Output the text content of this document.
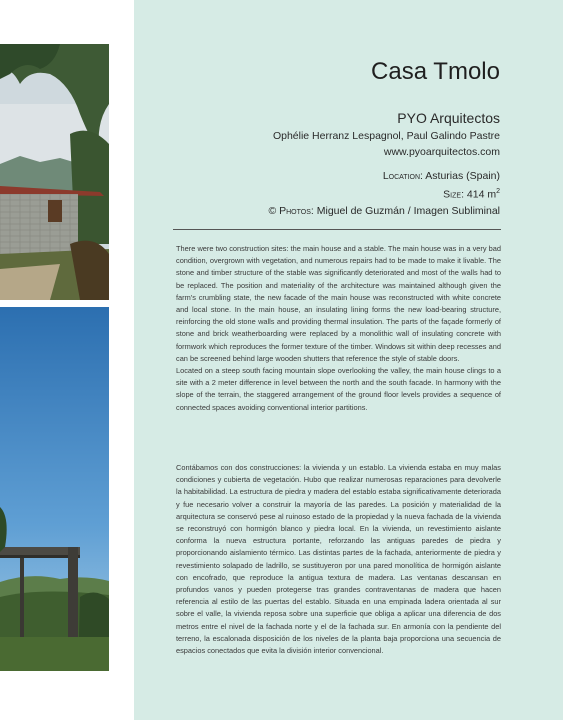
Casa Tmolo
PYO Arquitectos
Ophélie Herranz Lespagnol, Paul Galindo Pastre
www.pyoarquitectos.com
Location: Asturias (Spain)
Size: 414 $m^2$
© Photos: Miguel de Guzmán / Imagen Subliminal

There were two construction sites: the main house and a stable. The main house was in a very bad condition, overgrown with vegetation, and numerous repairs had to be made to make it livable. The stone and timber structure of the stable was significantly deteriorated and most of the walls had to be replaced. The position and materiality of the architecture was maintained although given the farm's crumbling state, the new facade of the main house was reconstructed with white concrete and local stone. In the main house, an insulating lining forms the new load-bearing structure, reinforcing the old stone walls and providing thermal insulation. The parts of the façade formerly of stone and brick weatherboarding were replaced by a monolithic wall of insulating concrete with formwork which reproduces the former texture of the timber. Windows sit within deep recesses and can be screened behind large wooden shutters that reference the style of stable doors.

Located on a steep south facing mountain slope overlooking the valley, the main house clings to a site with a 2 meter difference in level between the north and the south facade. In harmony with the slope of the terrain, the staggered arrangement of the ground floor levels provides a sequence of connected spaces avoiding conventional interior partitions.

Contábamos con dos construcciones: la vivienda y un establo. La vivienda estaba en muy malas condiciones y cubierta de vegetación. Hubo que realizar numerosas reparaciones para devolverle la habitabilidad. La estructura de piedra y madera del establo estaba significativamente deteriorada y fue necesario volver a construir la mayoría de las paredes. La posición y materialidad de la arquitectura se conservó pese al ruinoso estado de la propiedad y la nueva fachada de la vivienda se reconstruyó con hormigón blanco y piedra local. En la vivienda, un revestimiento aislante conforma la nueva estructura portante, reforzando las antiguas paredes de piedra y proporcionando aislamiento térmico. Las distintas partes de la fachada, anteriormente de piedra y revestimiento solapado de ladrillo, se sustituyeron por una pared monolítica de hormigón aislante con encofrado, que reproduce la antigua textura de madera. Las ventanas descansan en profundos vanos y pueden protegerse tras grandes contraventanas de madera que hacen referencia al estilo de las puertas del establo. Situada en una empinada ladera orientada al sur sobre el valle, la vivienda reposa sobre una superficie que obliga a aplicar una diferencia de dos metros entre el nivel de la fachada norte y el de la fachada sur. En armonía con la pendiente del terreno, la escalonada disposición de los niveles de la planta baja proporciona una secuencia de espacios conectados que evita la división interior convencional.
